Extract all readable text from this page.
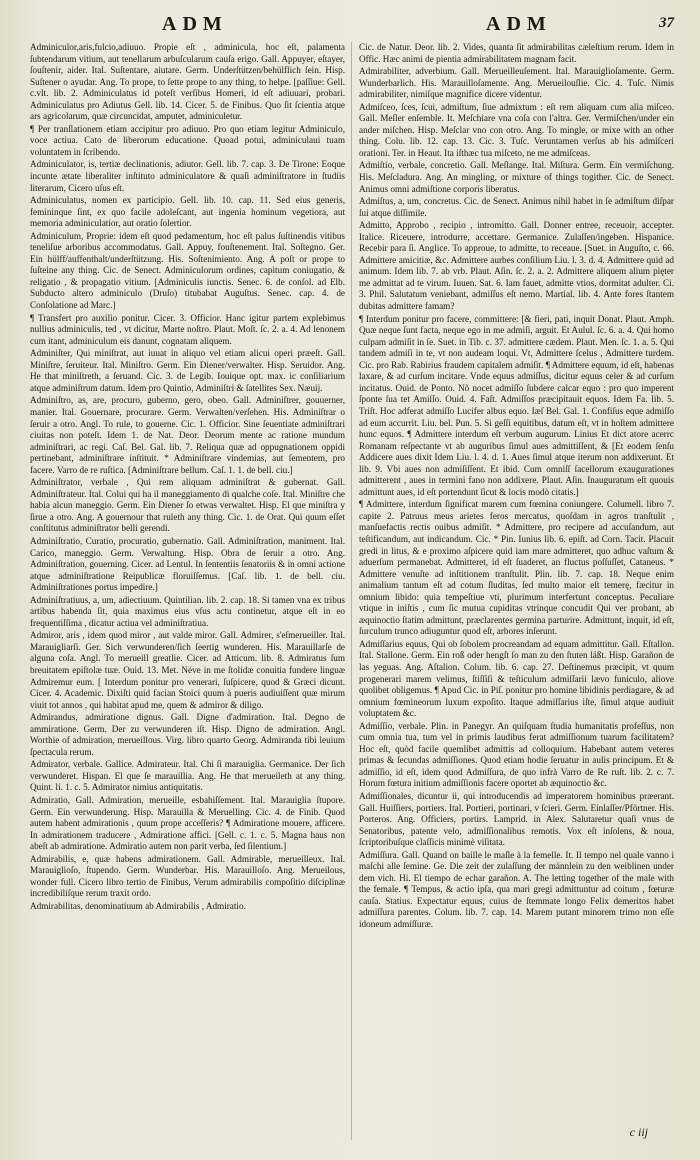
ADM	ADM	37

Adminiculor,aris,fulcio,adiuuo. Propie eſt , adminicula, hoc eſt, palamenta ſubtendarum vitium, aut tenellarum arbuſcularum cauſa erigo. Gall. Appuyer, eſtayer, ſouſtenir, aider. Ital. Suſtentare, aiutare. Germ. Underſtützen/behülflich ſein. Hisp. Suſtener o ayudar. Ang. To prope, to ſette prope to any thing, to helpe. [paſſiue: Gell. c.vlt. lib. 2. Adminiculatus id poteſt verſibus Homeri, id eſt adiuuari, probari. Adminiculatus pro Adiutus Gell. lib. 14. Cicer. 5. de Finibus. Quo ſit ſcientia atque ars agricolarum, quæ circuncidat, amputet, adminiculetur.

¶ Per tranſlationem etiam accipitur pro adiuuo. Pro quo etiam legitur Adminiculo, voce actiua. Cato de liberorum educatione. Quoad potui, adminiculaui tuam voluntatem in ſcribendo.

Adminiculator, is, tertiæ declinationis, adiutor. Gell. lib. 7. cap. 3. De Tirone: Eoque incunte ætate liberaliter inſtituto adminiculatore & quaſi adminiſtratore in ſtudiis literarum, Cicero uſus eſt.

Adminiculatus, nomen ex participio. Gell. lib. 10. cap. 11. Sed eius generis, femininque ſint, ex quo facile adoleſcant, aut ingenia hominum vegetiora, aut memoria adminiculatior, aut oratio ſolertior.

Adminiculum, Proprie: idem eſt quod pedamentum, hoc eſt palus ſuſtinendis vitibus teneliſue arboribus accommodatus. Gall. Appuy, fouſtenement. Ital. Soſtegno. Ger. Ein hülff/auffenthalt/underſtützung. His. Soſtenimiento. Ang. A poſt or prope to ſuſteine any thing. Cic. de Senect. Adminiculorum ordines, capitum coniugatio, & religatio , & propagatio vitium. [Adminiculis iunctis. Senec. 6. de conſol. ad Elb. Subducto altero adminiculo (Druſo) titubabat Auguſtus. Senec. cap. 4. de Conſolatione ad Marc.]

¶ Transfert pro auxilio ponitur. Cicer. 3. Officior. Hanc igitur partem explebimus nullius adminiculis, ted , vt dicitur, Marte noſtro. Plaut. Moſt. ſc. 2. a. 4. Ad lenonem cum itant, adminiculum eis danunt, cognatam aliquem.

Adminiſter, Qui miniſtrat, aut iuuat in aliquo vel etiam alicui operi præeſt. Gall. Miniſtre, ſeruiteur. Ital. Miniſtro. Germ. Ein Diener/verwalter. Hisp. Seruidor. Ang. He that miniſtreth, a ſeruand. Cic. 3. de Legib. Iouique opt. max. ic conſiliarium atque adminiſtrum datum. Idem pro Quintio, Adminiſtri & ſatellites Sex. Næuij.

Adminiſtro, as, are, procuro, guberno, gero, obeo. Gall. Adminiſtrer, gouuerner, manier. Ital. Gouernare, procurare. Germ. Verwalten/verſehen. His. Adminiſtrar o ſeruir a otro. Angl. To rule, to gouerne. Cic. 1. Officior. Sine ſeuentiate adminiſtrari ciuitas non poteſt. Idem 1. de Nat. Deor. Deorum mente ac ratione mundum adminiſtrari, ac regi. Caſ. Bel. Gal. lib. 7. Reliqua quæ ad oppugnationem oppidi pertinebant, adminiſtrare inſtituit. * Adminiſtrare vindemias, aut ſementem, pro facere. Varro de re ruſtica. [Adminiſtrare bellum. Caſ. 1. 1. de bell. ciu.]

Adminiſtrator, verbale , Qui rem aliquam adminiſtrat & gubernat. Gall. Adminiſtrateur. Ital. Colui qui ha il maneggiamento di qualche coſe. Ital. Miniſtre che habia alcun maneggio. Germ. Ein Diener ſo etwas verwaltet. Hisp. El que miniſtra y ſirue a otro. Ang. A gouernour that ruleth any thing. Cic. 1. de Orat. Qui quum eſſet conſtitutus adminiſtrator belli gerendi.

Adminiſtratio, Curatio, procuratio, gubernatio. Gall. Adminiſtration, maniment. Ital. Carico, maneggio. Germ. Verwaltung. Hisp. Obra de ſeruir a otro. Ang. Adminiſtration, gouerning. Cicer. ad Lentul. In ſententiis ſenatoriis & in omni actione atque adminiſtratione Reipublicæ floruiſſemus. [Caſ. lib. 1. de bell. ciu. Adminiſtrationes portus impedire.]

Adminiſtratiuus, a, um, adiectiuum. Quintilian. lib. 2. cap. 18. Si tamen vna ex tribus artibus habenda ſit, quia maximus eius vſus actu continetur, atque eſt in eo frequentiſſima , dicatur actiua vel adminiſtratiua.

Admiror, aris , idem quod miror , aut valde miror. Gall. Admirer, s'eſmerueiller. Ital. Marauigliarſi. Ger. Sich verwunderen/ſich ſeertig wunderen. His. Marauillarſe de alguna coſa. Angl. To merueill greatlie. Cicer. ad Atticum. lib. 8. Admiratus ſum breuitatem epiſtolæ tuæ. Ouid. 13. Met. Néve in me ſtolidæ conuitia fundere linguæ Admiremur eum. [ Interdum ponitur pro venerari, ſuſpicere, quod & Græci dicunt. Cicer. 4. Academic. Dixiſti quid facian Stoici quum à pueris audiuiſſent quæ mirum viuit tot annos , qui habitat apud me, quem & admiror & diligo.

Admirandus, admiratione dignus. Gall. Digne d'admiration. Ital. Degno de ammiratione. Germ. Der zu verwunderen iſt. Hisp. Digno de admiration. Angl. Worthie of admiration, merueillous. Virg. libro quarto Georg. Admiranda tibi leuium ſpectacula rerum.

Admirator, verbale. Gallice. Admirateur. Ital. Chi ſi marauiglia. Germanice. Der ſich verwunderet. Hispan. El que ſe marauillia. Ang. He that merueileth at any thing. Quint. li. 1. c. 5. Admirator nimius antiquitatis.

Admiratio, Gall. Admiration, merueille, esbahiſſement. Ital. Marauiglia ſtupore. Germ. Ein verwunderung. Hisp. Marauilla & Meruelling. Cic. 4. de Finib. Quod autem habent admirationis , quum prope acceſſeris? ¶ Admiratione mouere, afficere. In admirationem traducere , Admiratione affici. [Gell. c. 1. c. 5. Magna haus non abeſt ab admiratione. Admiratio autem non parit verba, ſed ſilentium.]

Admirabilis, e, quæ habens admirationem. Gall. Admirable, merueilleux. Ital. Marauiglioſo, ſtupendo. Germ. Wunderbar. His. Marauilloſo. Ang. Merueilous, wonder full. Cicero libro tertio de Finibus, Verum admirabilis compoſitio diſciplinæ incredibiliſque rerum traxit ordo.

Admirabilitas, denominatiuum ab Admirabilis , Admiratio.

Cic. de Natur. Deor. lib. 2. Vides, quanta ſit admirabilitas cæleſtium rerum. Idem in Offic. Hæc animi de pientia admirabilitatem magnam facit.

Admirabiliter, adverbium. Gall. Merueilleuſement. Ital. Marauiglioſamente. Germ. Wunderbarlich. His. Marauilloſamente. Ang. Merueilouſlie. Cic. 4. Tuſc. Nimis admirabiliter, nimiſque magnifice dicere videntur.

Admiſceo, ſces, ſcui, admiſtum, ſiue admixtum : eſt rem aliquam cum alia miſceo. Gall. Meſler enſemble. It. Meſchiare vna coſa con l'altra. Ger. Vermiſchen/under ein ander miſchen. Hisp. Meſclar vno con otro. Ang. To mingle, or mixe with an other thing. Colu. lib. 12. cap. 13. Cic. 3. Tuſc. Veruntamen verſus ab his admiſceri orationi. Ter. in Heaut. Ita iſthæc tua miſceto, ne me admiſceas.

Admiſtio, verbale, concretio. Gall. Meſlange. Ital. Miſtura. Germ. Ein vermiſchung. His. Meſcladura. Ang. An mingling, or mixture of things togither. Cic. de Senect. Animus omni admiſtione corporis liberatus.

Admiſtus, a, um, concretus. Cic. de Senect. Animus nihil habet in ſe admiſtum diſpar ſui atque diſſimile.

Admitto, Approbo , recipio , intromitto. Gall. Donner entree, receuoir, accepter. Italice. Riceuere, introdurre, accettare. Germanice. Zulaſſen/ingeben. Hispanice. Recebir para ſi. Anglice. To approue, to admitte, to receaue. [Suet. in Auguſto, c. 66. Admittere amicitiæ, &c. Admittere aurbes conſilium Liu. l. 3. d. 4. Admittere quid ad animum. Idem lib. 7. ab vrb. Plaut. Aſin. ſc. 2. a. 2. Admittere aliquem alium pięter me admittat ad te virum. Iuuen. Sat. 6. Iam fauet, admitte vtios, dormitat adulter. Ci. 3. Phil. Salutatum veniebant, admiſſus eſt nemo. Martial. lib. 4. Ante fores ſtantem dubitas admittere famam?

¶ Interdum ponitur pro facere, committere: [& fieri, pati, inquit Donat. Plaut. Amph. Quæ neque ſunt facta, neque ego in me admiſi, arguit. Et Aulul. ſc. 6. a. 4. Qui homo culpam admiſit in ſe. Suet. in Tib. c. 37. admittere cædem. Plaut. Men. ſc. 1. a. 5. Qui tandem admiſi in te, vt non audeam loqui. Vt, Admittere ſcelus , Admittere turdem. Cic. pro Rab. Rabirius fraudem capitalem admiſit. ¶ Admittere equum, id eſt, habenas laxare, & ad curſum incitare. Vnde equus admiſſus, dicitur equus celer & ad curſum incitatus. Ouid. de Ponto. Nõ nocet admiſſo ſubdere calcar equo : pro quo imperent ſponte ſua tet Amiſſo. Ouid. 4. Faſt. Admiſſos præcipitauit equos. Idem Fa. lib. 5. Triſt. Hoc adferat admiſſo Lucifer albus equo. Iæſ Bel. Gal. 1. Confiſus eque admiſſo ad eum accurrit. Liu. bel. Pun. 5. Si geſſi equitibus, datum eſt, vt in hoſtem admittere hunc equos. ¶ Admittere interdum eſt verbum augurum. Linius Et dict atore acerrc Romanam reſpectante vt ab auguribus ſimul aues admittiſſent, & [Et eodem ſenſu Addicere aues dixit Idem Liu. l. 4. d. 1. Aues ſimul atque iterum non addixerunt. Et lib. 9. Vbi aues non admiſiſſent. Et ibid. Cum omniſſ ſacellorum exaugurationes admitterent , aues in termini fano non addixere. Plaut. Aſin. Inauguratum eſt quouis admittunt aues, id eſt portendunt ſicut & locis modò citatis.]

¶ Admittere, interdum ſignificat marem cum fœmina coniungere. Columell. libro 7. capite 2. Patruus meus arietes feros mercatus, quoſdam in agros tranſtulit , manſuefactis rectis ouibus admiſit. * Admittere, pro recipere ad accuſandum, aut teſtificandum, aut indicandum. Cic. * Pin. Iunius lib. 6. epiſt. ad Corn. Tacit. Placuit gredi in litus, & e proximo aſpicere quid iam mare admitteret, quo adhuc vaſtum & aduerſum permanebat. Admitteret, id eſt ſuaderet, an fluctus poſſuſſet, Cataneus. * Admittere venuſte ad inſtitionem tranſtulit. Plin. lib. 7. cap. 18. Neque enim animalium tantum eſt ad cotum ſluditas, ſed multo maior eſt temerę, fæcitur in omnium libido: quia tempeſtiue vti, plurimum interfertunt conceptus. Peculiare vtique in iniſtis , cum ſic mutua cupiditas vtrinque concudit Qui ver probant, ab æquinoctio ſtatim admittunt, præclarentes germina parturire. Admittunt, inquit, id eſt, ſurculum trunco adiuguntur quod eſt, arbores inſerunt.

Admiſſarius equus, Qui ob ſobolem procreandam ad equam admittitur. Gall. Eſtallon. Ital. Stallone. Germ. Ein roß oder hengſt ſo man zu den ſtuten läßt. Hisp. Garañon de las yeguas. Ang. Aſtalion. Colum. lib. 6. cap. 27. Deſtinemus præcipit, vt quum progenerari marem velimus, ſtiſſiſi & teſticulum admiſſarii lævo funiculo, aliove quolibet obligemus. ¶ Apud Cic. in Piſ. ponitur pro homine libidinis perdiagare, & ad omnium fœmineorum luxum expoſito. Itaque admiſſarius iſte, ſimul atque audiuit voluptatem &c.

Admiſſio, verbale. Plin. in Panegyr. An quiſquam ſtudia humanitatis profeſſus, non cum omnia tua, tum vel in primis laudibus ferat admiſſionum tuarum facilitatem? Hoc eſt, quòd facile quemlibet admittis ad colloquium. Habebant autem veteres primas & ſecundas admiſſiones. Quod etiam hodie ſeruatur in aulis principum. Et & admiſſio, id eſt, idem quod Admiſſura, de quo infrà Varro de Re ruſt. lib. 2. c. 7. Horum fœtura initium admiſſionis facere oportet ab æquinoctio &c.

Admiſſionales, dicuntur ii, qui introducendis ad imperatorem hominibus præerant. Gall. Huiſſiers, portiers. Ital. Portieri, portinari, v ſcieri. Germ. Einlaſſer/Pförtner. His. Porteros. Ang. Officiers, portirs. Lamprid. in Alex. Salutaretur quaſi vnus de Senatoribus, patente velo, admiſſionalibus remotis. Vox eſt inſolens, & noua, ſcriptoribuſque claſſicis minimè viſitata.

Admiſſura. Gall. Quand on baille le maſle à la femelle. It. Il tempo nel quale vanno i maſchi alle ſemine. Ge. Die zeit der zulaſſung der männlein zu den weiblinen under dem vich. Hi. El tiempo de echar garañon. A. The letting together of the male with the female. ¶ Tempus, & actio ipſa, qua mari gregi admittuntur ad coitum , fœturæ cauſa. Statius. Expectatur equus, cuius de ſtemmate longo Felix demeritos habet admiſſura parentes. Colum. lib. 7. cap. 14. Marem putant minorem trimo non eſſe idoneum admiſſuræ.

c iij
